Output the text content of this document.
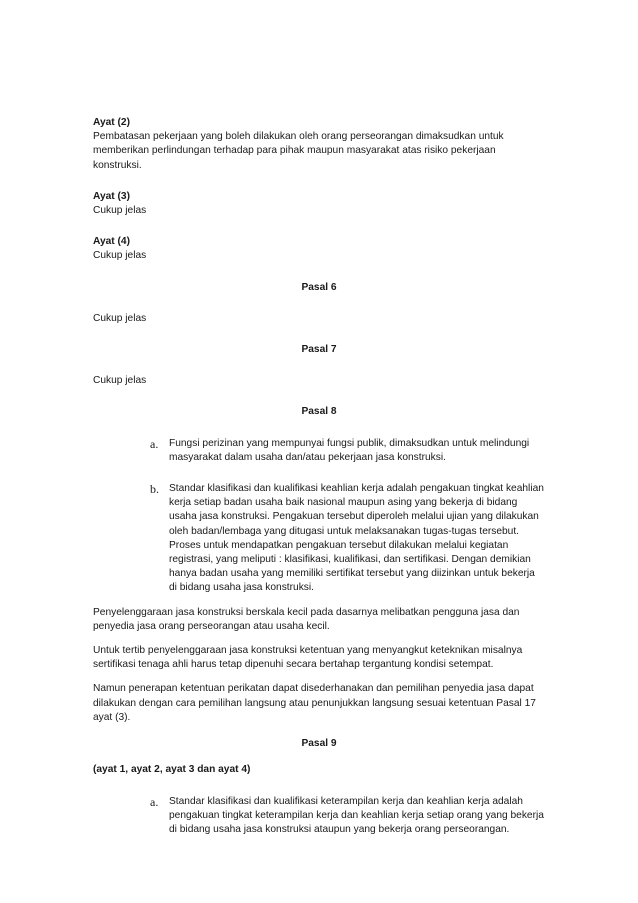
Ayat (2)

Pembatasan pekerjaan yang boleh dilakukan oleh orang perseorangan dimaksudkan untuk memberikan perlindungan terhadap para pihak maupun masyarakat atas risiko pekerjaan konstruksi.

Ayat (3)

Cukup jelas

Ayat (4)

Cukup jelas

Pasal 6

Cukup jelas

Pasal 7

Cukup jelas

Pasal 8

a. Fungsi perizinan yang mempunyai fungsi publik, dimaksudkan untuk melindungi masyarakat dalam usaha dan/atau pekerjaan jasa konstruksi.
b. Standar klasifikasi dan kualifikasi keahlian kerja adalah pengakuan tingkat keahlian kerja setiap badan usaha baik nasional maupun asing yang bekerja di bidang usaha jasa konstruksi. Pengakuan tersebut diperoleh melalui ujian yang dilakukan oleh badan/lembaga yang ditugasi untuk melaksanakan tugas-tugas tersebut. Proses untuk mendapatkan pengakuan tersebut dilakukan melalui kegiatan registrasi, yang meliputi : klasifikasi, kualifikasi, dan sertifikasi. Dengan demikian hanya badan usaha yang memiliki sertifikat tersebut yang diizinkan untuk bekerja di bidang usaha jasa konstruksi.

Penyelenggaraan jasa konstruksi berskala kecil pada dasarnya melibatkan pengguna jasa dan penyedia jasa orang perseorangan atau usaha kecil.

Untuk tertib penyelenggaraan jasa konstruksi ketentuan yang menyangkut keteknikan misalnya sertifikasi tenaga ahli harus tetap dipenuhi secara bertahap tergantung kondisi setempat.

Namun penerapan ketentuan perikatan dapat disederhanakan dan pemilihan penyedia jasa dapat dilakukan dengan cara pemilihan langsung atau penunjukkan langsung sesuai ketentuan Pasal 17 ayat (3).

Pasal 9

(ayat 1, ayat 2, ayat 3 dan ayat 4)

a. Standar klasifikasi dan kualifikasi keterampilan kerja dan keahlian kerja adalah pengakuan tingkat keterampilan kerja dan keahlian kerja setiap orang yang bekerja di bidang usaha jasa konstruksi ataupun yang bekerja orang perseorangan.
